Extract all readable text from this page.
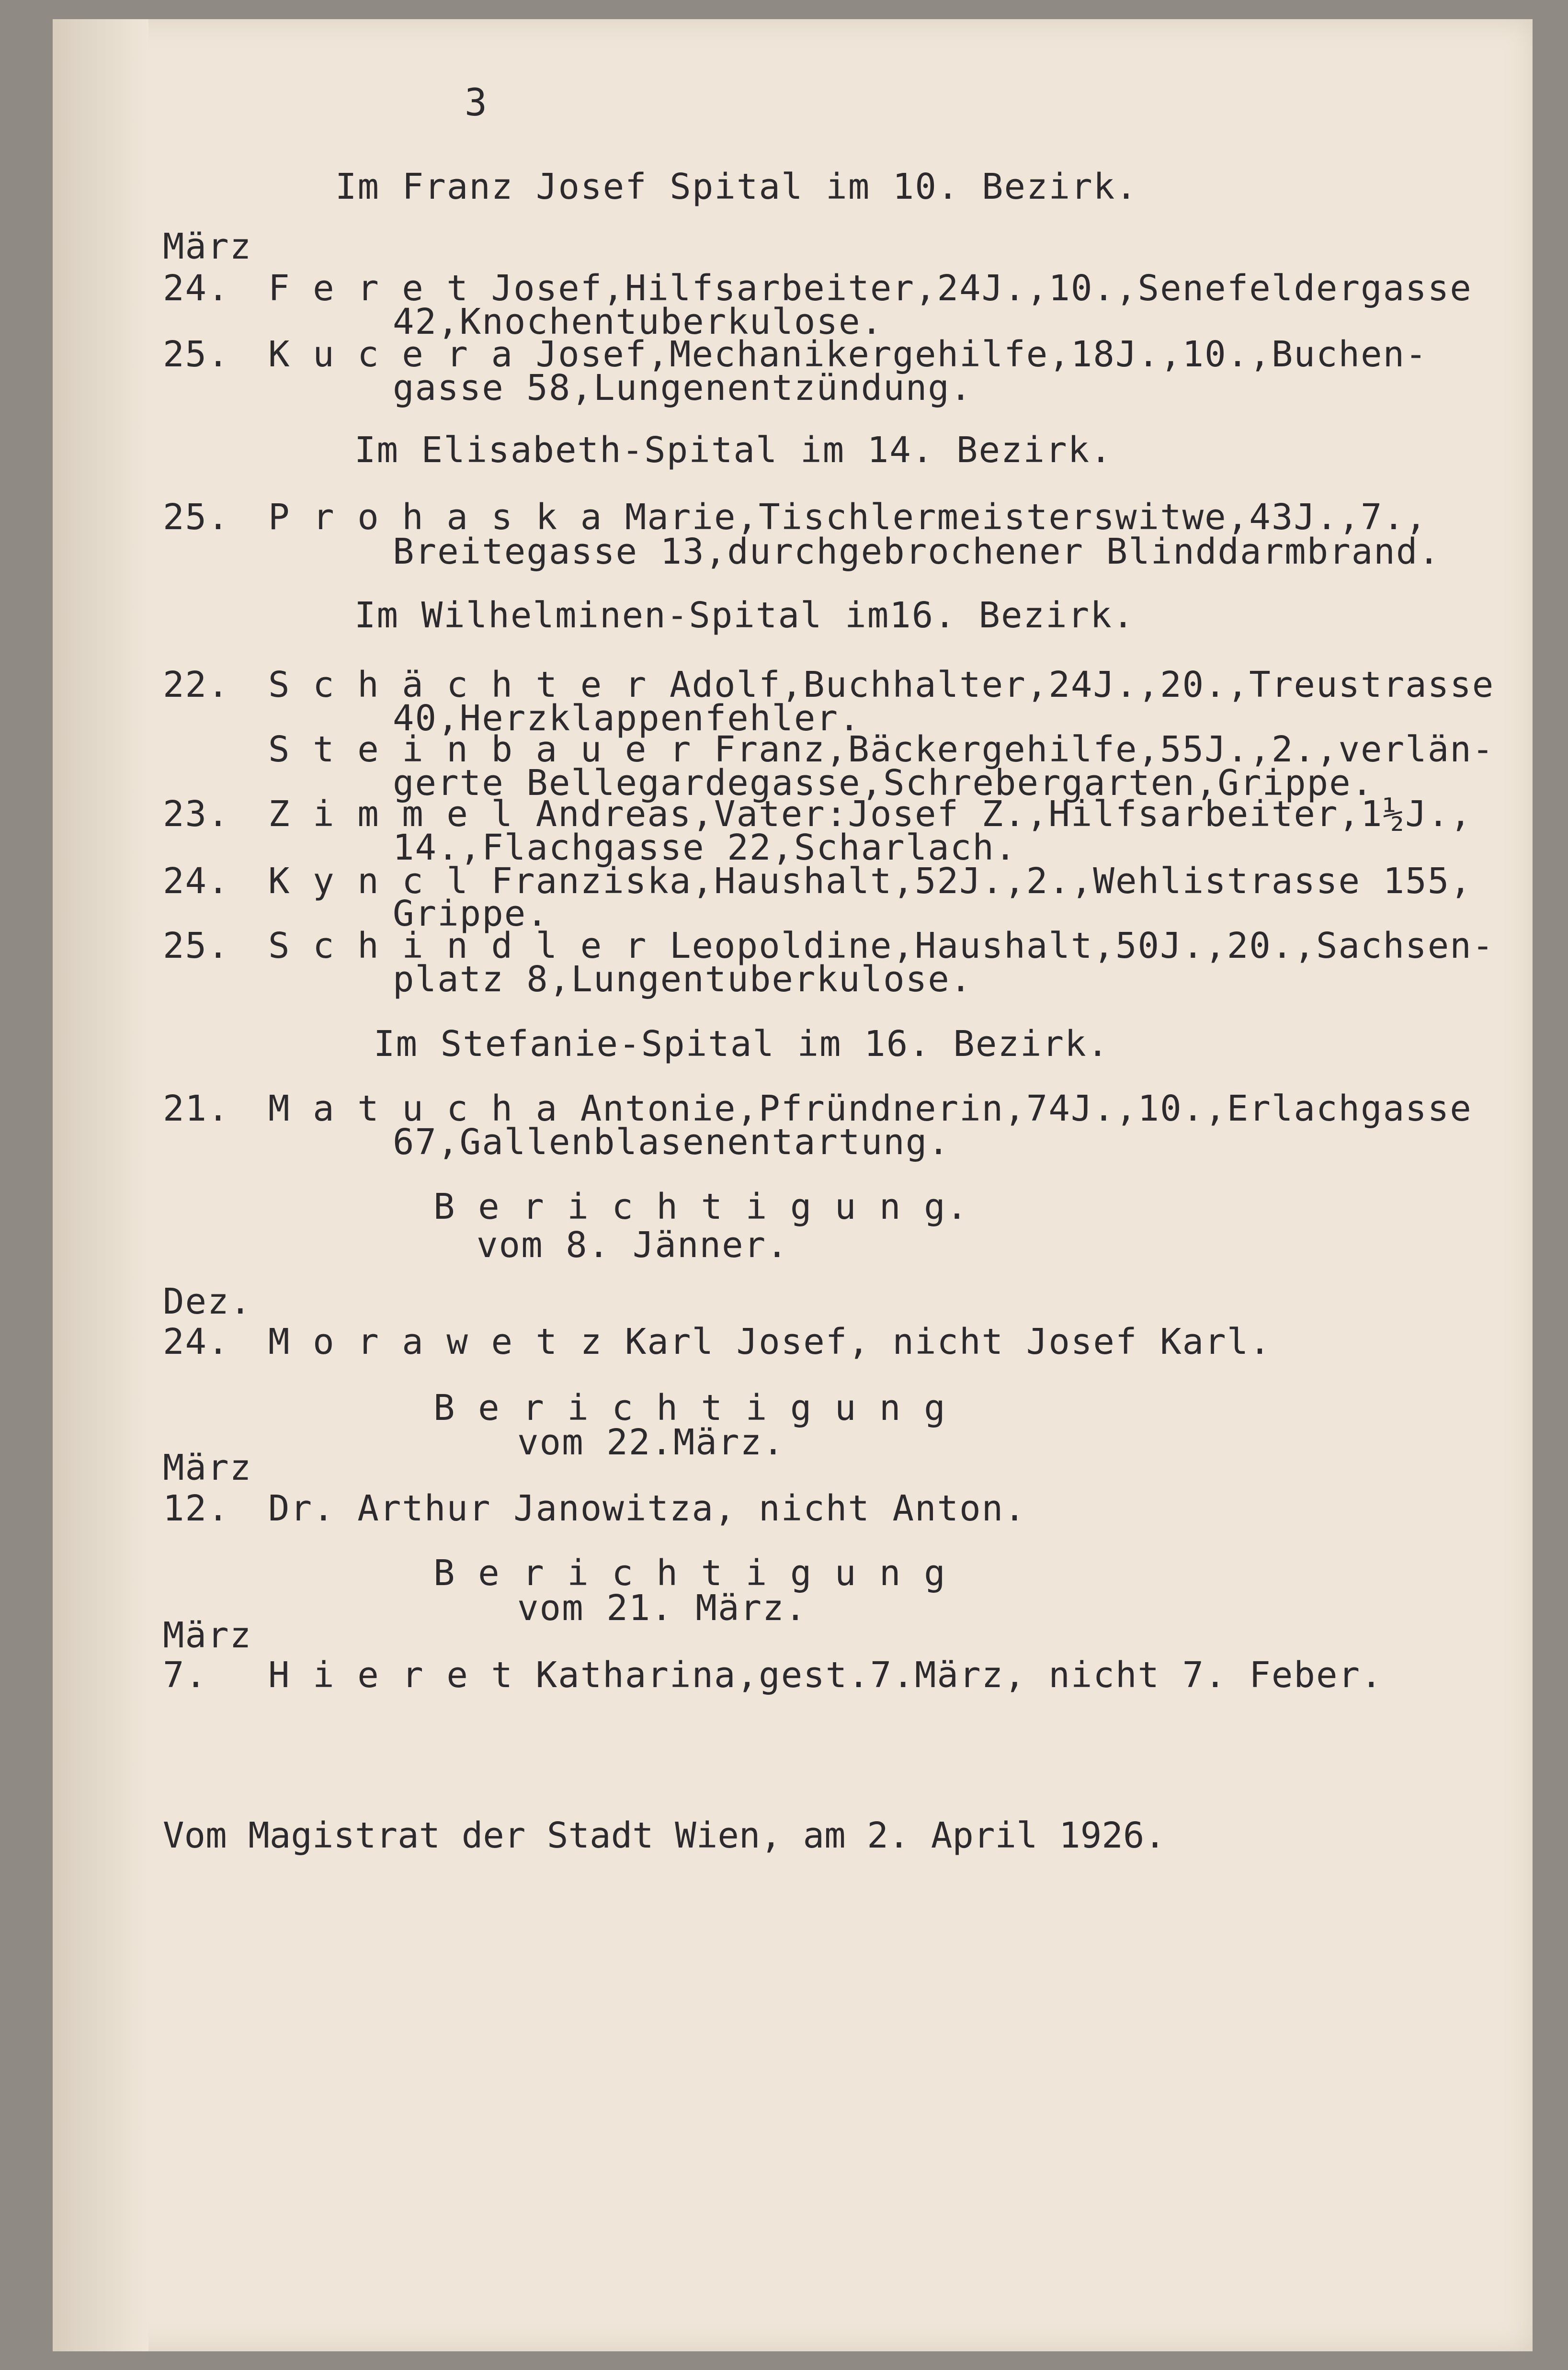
3
Im Franz Josef Spital im 10. Bezirk.
März
24. F e r e t Josef,Hilfsarbeiter,24J.,10.,Senefeldergasse
42,Knochentuberkulose.
25. K u c e r a Josef,Mechanikergehilfe,18J.,10.,Buchen-
gasse 58,Lungenentzündung.
Im Elisabeth-Spital im 14. Bezirk.
25. P r o h a s k a Marie,Tischlermeisterswitwe,43J.,7.,
Breitegasse 13,durchgebrochener Blinddarmbrand.
Im Wilhelminen-Spital im16. Bezirk.
22. S c h ä c h t e r Adolf,Buchhalter,24J.,20.,Treustrasse
40,Herzklappenfehler.
S t e i n b a u e r Franz,Bäckergehilfe,55J.,2.,verlän-
gerte Bellegardegasse,Schrebergarten,Grippe.
23. Z i m m e l Andreas,Vater:Josef Z.,Hilfsarbeiter,1½J.,
14.,Flachgasse 22,Scharlach.
24. K y n c l Franziska,Haushalt,52J.,2.,Wehlistrasse 155,
Grippe.
25. S c h i n d l e r Leopoldine,Haushalt,50J.,20.,Sachsen-
platz 8,Lungentuberkulose.
Im Stefanie-Spital im 16. Bezirk.
21. M a t u c h a Antonie,Pfründnerin,74J.,10.,Erlachgasse
67,Gallenblasenentartung.
B e r i c h t i g u n g.
vom 8. Jänner.
Dez.
24. M o r a w e t z Karl Josef, nicht Josef Karl.
B e r i c h t i g u n g
vom 22.März.
März
12. Dr. Arthur Janowitza, nicht Anton.
B e r i c h t i g u n g
vom 21. März.
März
7. H i e r e t Katharina,gest.7.März, nicht 7. Feber.
Vom Magistrat der Stadt Wien, am 2. April 1926.
